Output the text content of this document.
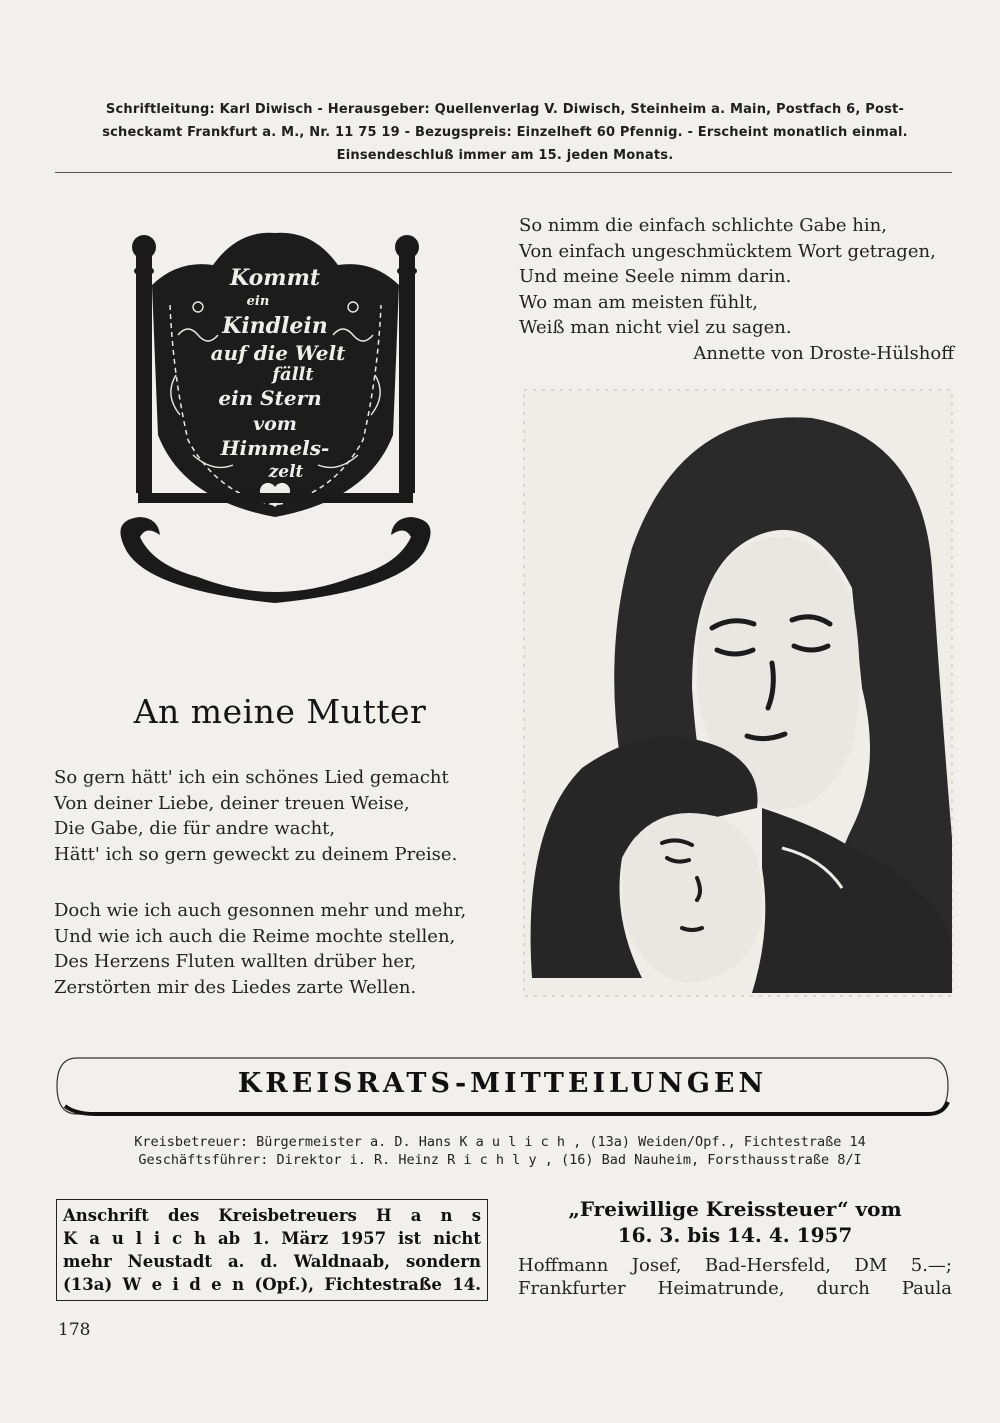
Schriftleitung: Karl Diwisch - Herausgeber: Quellenverlag V. Diwisch, Steinheim a. Main, Postfach 6, Post-
scheckamt Frankfurt a. M., Nr. 11 75 19 - Bezugspreis: Einzelheft 60 Pfennig. - Erscheint monatlich einmal.
Einsendeschluß immer am 15. jeden Monats.
Kommt
ein
Kindlein
auf die Welt
fällt
ein Stern
vom
Himmels-
zelt
So nimm die einfach schlichte Gabe hin,
Von einfach ungeschmücktem Wort getragen,
Und meine Seele nimm darin.
Wo man am meisten fühlt,
Weiß man nicht viel zu sagen.
Annette von Droste-Hülshoff
An meine Mutter
So gern hätt' ich ein schönes Lied gemacht
Von deiner Liebe, deiner treuen Weise,
Die Gabe, die für andre wacht,
Hätt' ich so gern geweckt zu deinem Preise.
Doch wie ich auch gesonnen mehr und mehr,
Und wie ich auch die Reime mochte stellen,
Des Herzens Fluten wallten drüber her,
Zerstörten mir des Liedes zarte Wellen.
KREISRATS-MITTEILUNGEN
Kreisbetreuer: Bürgermeister a. D. Hans K a u l i c h , (13a) Weiden/Opf., Fichtestraße 14
Geschäftsführer: Direktor i. R. Heinz R i c h l y , (16) Bad Nauheim, Forsthausstraße 8/I
Anschrift des Kreisbetreuers H a n s
K a u l i c h ab 1. März 1957 ist nicht
mehr Neustadt a. d. Waldnaab, sondern
(13a) W e i d e n (Opf.), Fichtestraße 14.
„Freiwillige Kreissteuer“ vom
16. 3. bis 14. 4. 1957
Hoffmann Josef, Bad-Hersfeld, DM 5.—;
Frankfurter Heimatrunde, durch Paula
178
